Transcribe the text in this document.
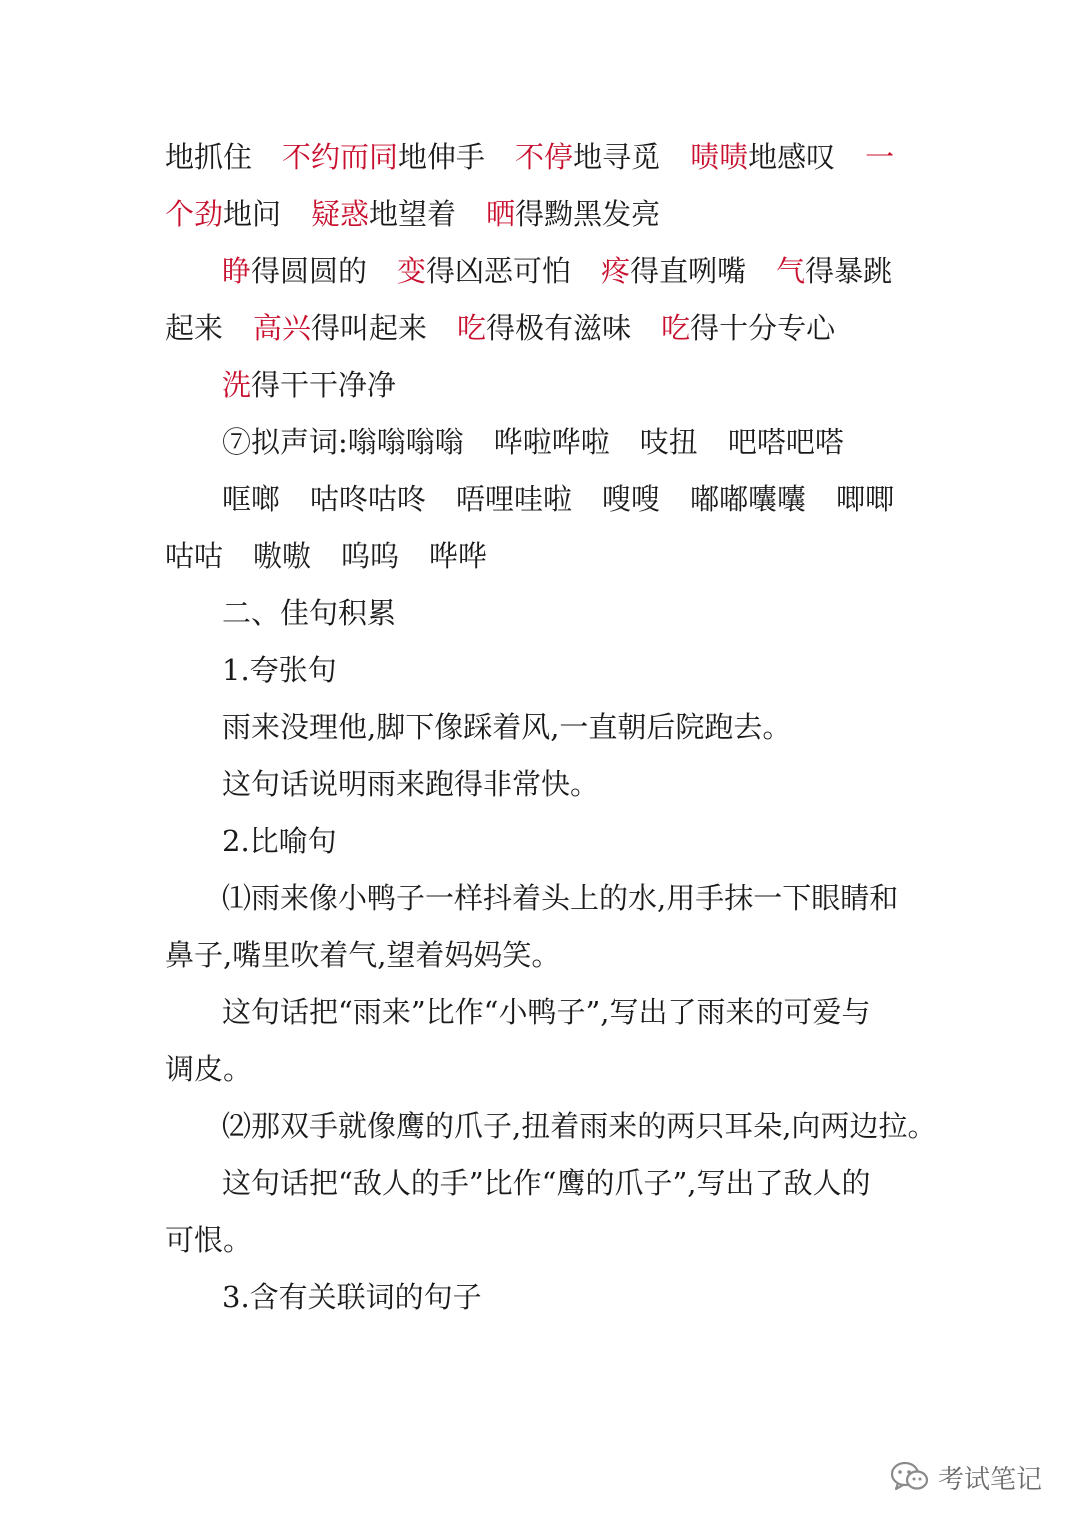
地抓住 不约而同地伸手 不停地寻觅 啧啧地感叹 一
个劲地问 疑惑地望着 晒得黝黑发亮
睁得圆圆的 变得凶恶可怕 疼得直咧嘴 气得暴跳
起来 高兴得叫起来 吃得极有滋味 吃得十分专心
洗得干干净净
⑦拟声词:嗡嗡嗡嗡 哗啦哗啦 吱扭 吧嗒吧嗒
哐啷 咕咚咕咚 唔哩哇啦 嗖嗖 嘟嘟囔囔 唧唧
咕咕 嗷嗷 呜呜 哗哗
二、佳句积累
1.夸张句
雨来没理他,脚下像踩着风,一直朝后院跑去。
这句话说明雨来跑得非常快。
2.比喻句
⑴雨来像小鸭子一样抖着头上的水,用手抹一下眼睛和
鼻子,嘴里吹着气,望着妈妈笑。
这句话把“雨来”比作“小鸭子”,写出了雨来的可爱与
调皮。
⑵那双手就像鹰的爪子,扭着雨来的两只耳朵,向两边拉。
这句话把“敌人的手”比作“鹰的爪子”,写出了敌人的
可恨。
3.含有关联词的句子
考试笔记
